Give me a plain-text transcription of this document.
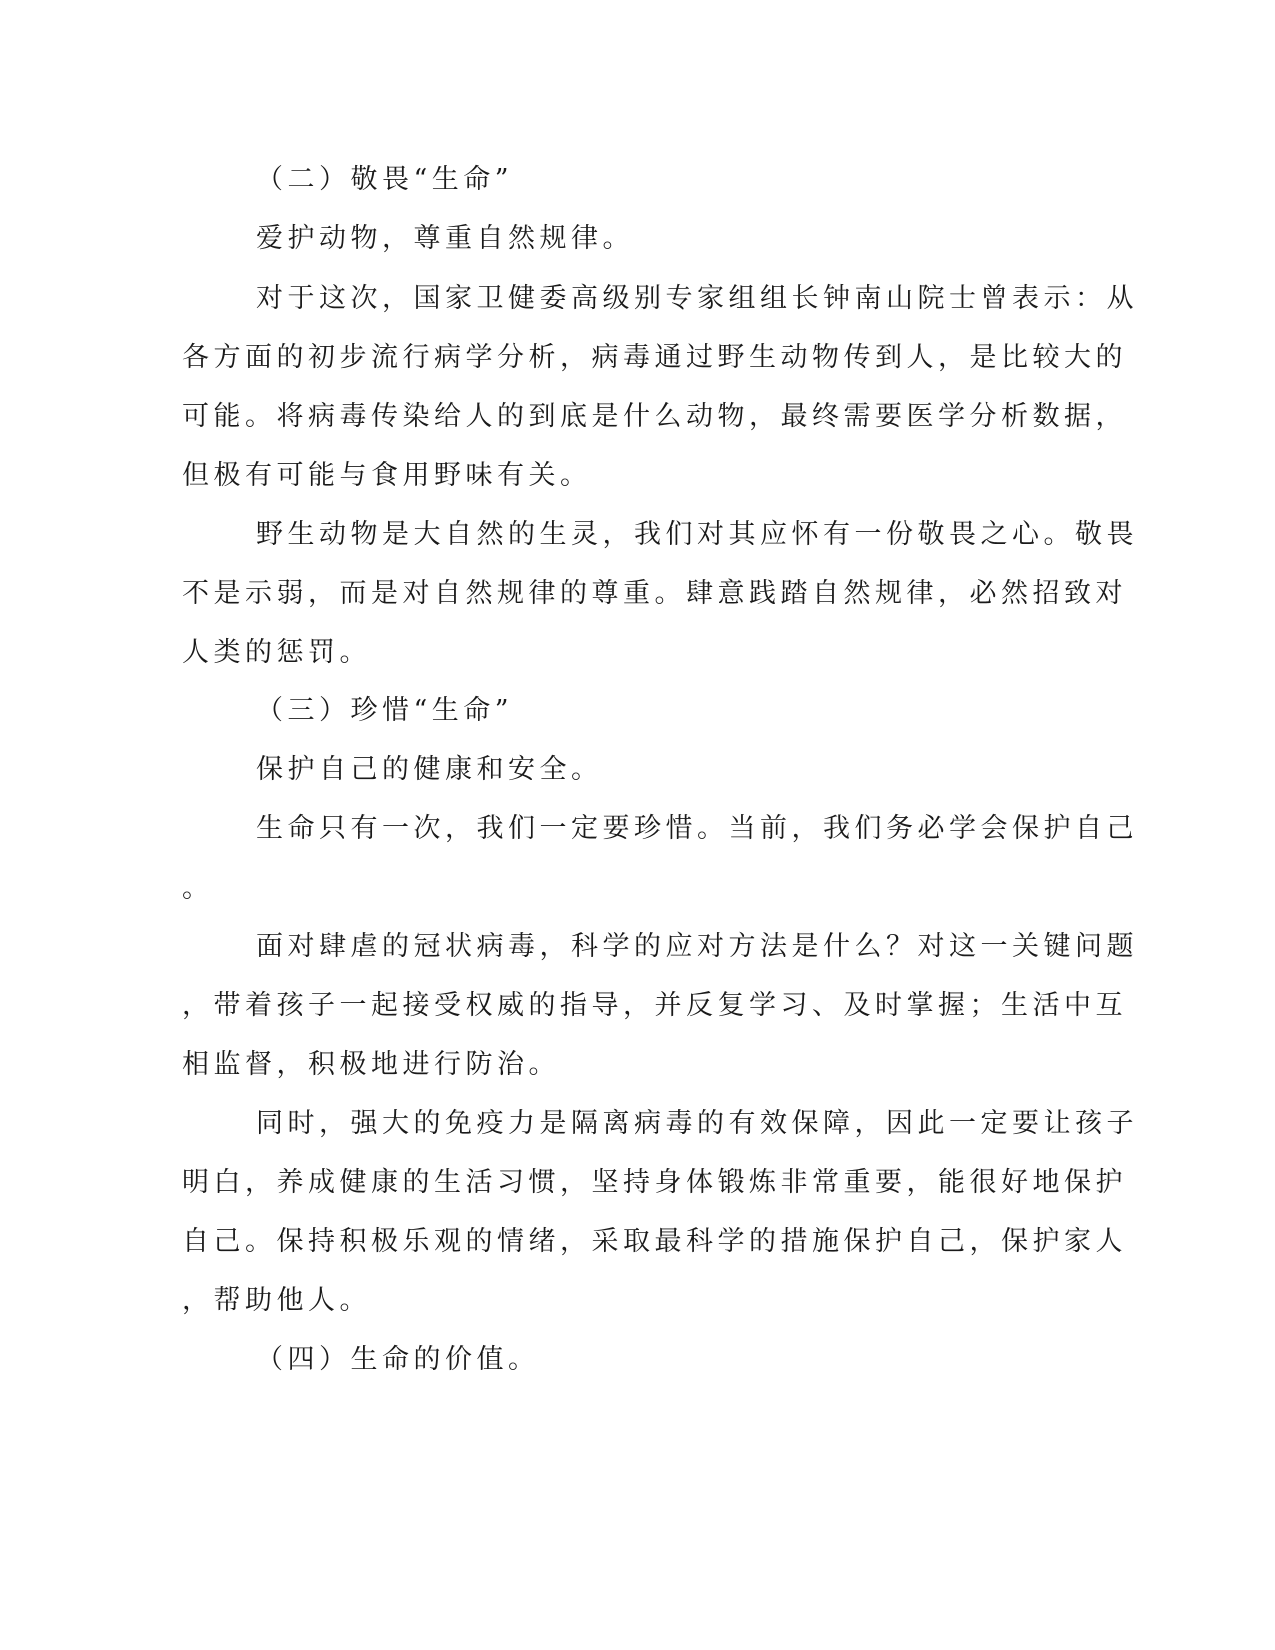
（二）敬畏“生命”
爱护动物，尊重自然规律。
对于这次，国家卫健委高级别专家组组长钟南山院士曾表示：从
各方面的初步流行病学分析，病毒通过野生动物传到人，是比较大的
可能。将病毒传染给人的到底是什么动物，最终需要医学分析数据，
但极有可能与食用野味有关。
野生动物是大自然的生灵，我们对其应怀有一份敬畏之心。敬畏
不是示弱，而是对自然规律的尊重。肆意践踏自然规律，必然招致对
人类的惩罚。
（三）珍惜“生命”
保护自己的健康和安全。
生命只有一次，我们一定要珍惜。当前，我们务必学会保护自己
。
面对肆虐的冠状病毒，科学的应对方法是什么？对这一关键问题
，带着孩子一起接受权威的指导，并反复学习、及时掌握；生活中互
相监督，积极地进行防治。
同时，强大的免疫力是隔离病毒的有效保障，因此一定要让孩子
明白，养成健康的生活习惯，坚持身体锻炼非常重要，能很好地保护
自己。保持积极乐观的情绪，采取最科学的措施保护自己，保护家人
，帮助他人。
（四）生命的价值。
